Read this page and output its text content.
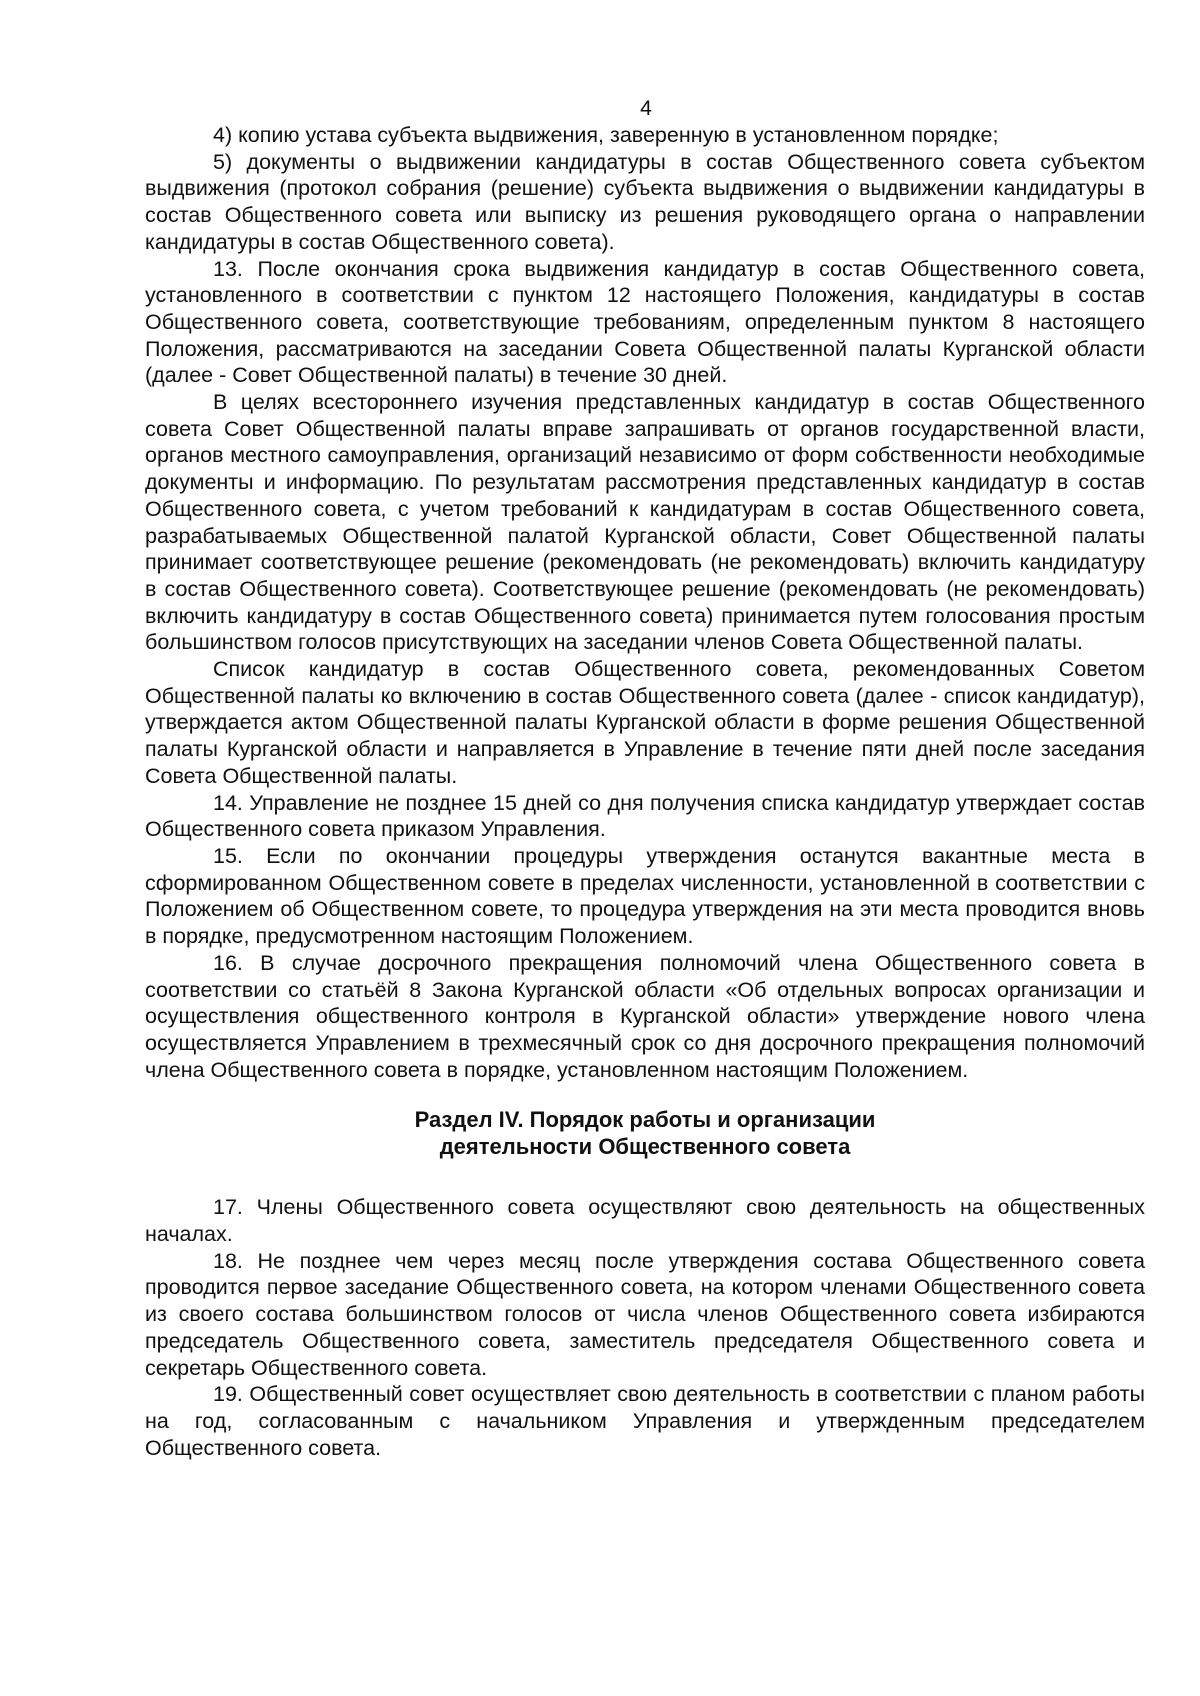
4

4) копию устава субъекта выдвижения, заверенную в установленном порядке;

5) документы о выдвижении кандидатуры в состав Общественного совета субъектом выдвижения (протокол собрания (решение) субъекта выдвижения о выдвижении кандидатуры в состав Общественного совета или выписку из решения руководящего органа о направлении кандидатуры в состав Общественного совета).

13. После окончания срока выдвижения кандидатур в состав Общественного совета, установленного в соответствии с пунктом 12 настоящего Положения, кандидатуры в состав Общественного совета, соответствующие требованиям, определенным пунктом 8 настоящего Положения, рассматриваются на заседании Совета Общественной палаты Курганской области (далее - Совет Общественной палаты) в течение 30 дней.

В целях всестороннего изучения представленных кандидатур в состав Общественного совета Совет Общественной палаты вправе запрашивать от органов государственной власти, органов местного самоуправления, организаций независимо от форм собственности необходимые документы и информацию. По результатам рассмотрения представленных кандидатур в состав Общественного совета, с учетом требований к кандидатурам в состав Общественного совета, разрабатываемых Общественной палатой Курганской области, Совет Общественной палаты принимает соответствующее решение (рекомендовать (не рекомендовать) включить кандидатуру в состав Общественного совета). Соответствующее решение (рекомендовать (не рекомендовать) включить кандидатуру в состав Общественного совета) принимается путем голосования простым большинством голосов присутствующих на заседании членов Совета Общественной палаты.

Список кандидатур в состав Общественного совета, рекомендованных Советом Общественной палаты ко включению в состав Общественного совета (далее - список кандидатур), утверждается актом Общественной палаты Курганской области в форме решения Общественной палаты Курганской области и направляется в Управление в течение пяти дней после заседания Совета Общественной палаты.

14. Управление не позднее 15 дней со дня получения списка кандидатур утверждает состав Общественного совета приказом Управления.

15. Если по окончании процедуры утверждения останутся вакантные места в сформированном Общественном совете в пределах численности, установленной в соответствии с Положением об Общественном совете, то процедура утверждения на эти места проводится вновь в порядке, предусмотренном настоящим Положением.

16. В случае досрочного прекращения полномочий члена Общественного совета в соответствии со статьёй 8 Закона Курганской области «Об отдельных вопросах организации и осуществления общественного контроля в Курганской области» утверждение нового члена осуществляется Управлением в трехмесячный срок со дня досрочного прекращения полномочий члена Общественного совета в порядке, установленном настоящим Положением.

Раздел IV. Порядок работы и организации
деятельности Общественного совета

17. Члены Общественного совета осуществляют свою деятельность на общественных началах.

18. Не позднее чем через месяц после утверждения состава Общественного совета проводится первое заседание Общественного совета, на котором членами Общественного совета из своего состава большинством голосов от числа членов Общественного совета избираются председатель Общественного совета, заместитель председателя Общественного совета и секретарь Общественного совета.

19. Общественный совет осуществляет свою деятельность в соответствии с планом работы на год, согласованным с начальником Управления и утвержденным председателем Общественного совета.
